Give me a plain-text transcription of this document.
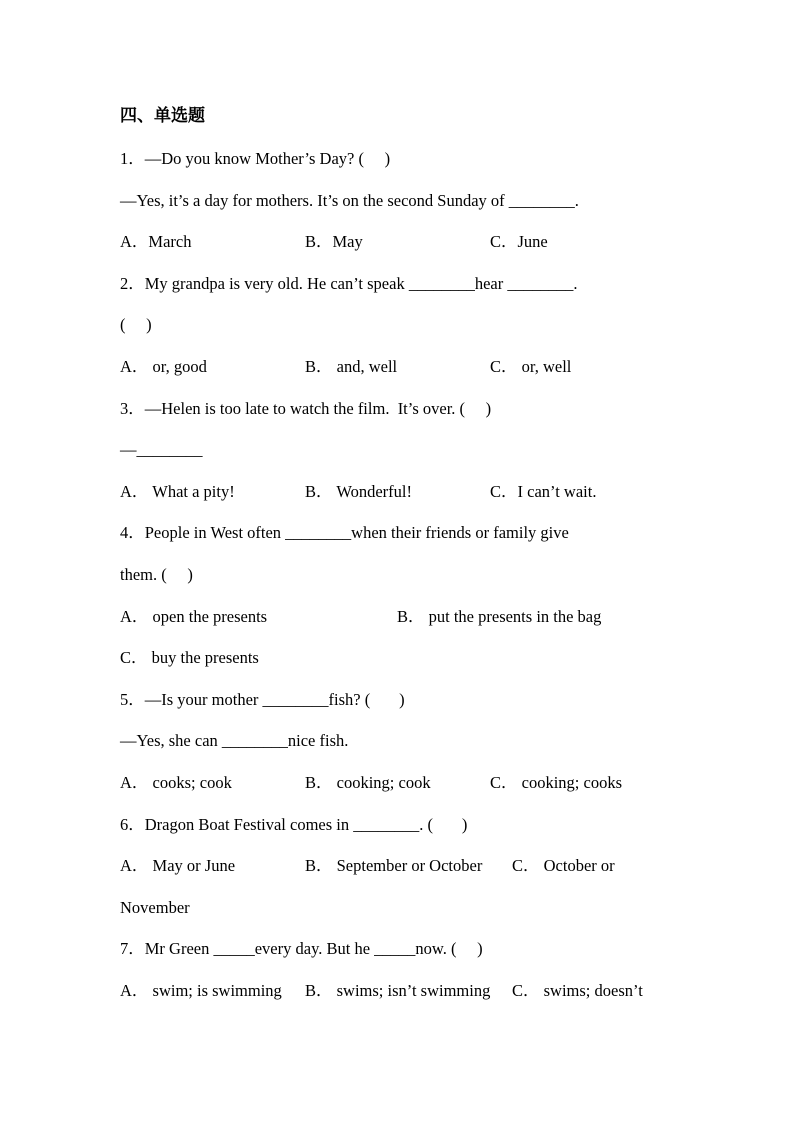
四、单选题
1．—Do you know Mother’s Day? (     )
—Yes, it’s a day for mothers. It’s on the second Sunday of ________.
A．March	B．May	C．June
2．My grandpa is very old. He can’t speak ________hear ________.
(     )
A． or, good	B． and, well	C． or, well
3．—Helen is too late to watch the film.  It’s over. (     )
—________
A． What a pity!	B． Wonderful!	C．I can’t wait.
4．People in West often ________when their friends or family give
them. (     )
A． open the presents	B． put the presents in the bag
C． buy the presents
5．—Is your mother ________fish? (       )
—Yes, she can ________nice fish.
A． cooks; cook	B． cooking; cook	C． cooking; cooks
6．Dragon Boat Festival comes in ________. (       )
A． May or June	B． September or October C． October or
November
7．Mr Green _____every day. But he _____now. (     )
A． swim; is swimming B． swims; isn’t swimming C． swims; doesn’t
